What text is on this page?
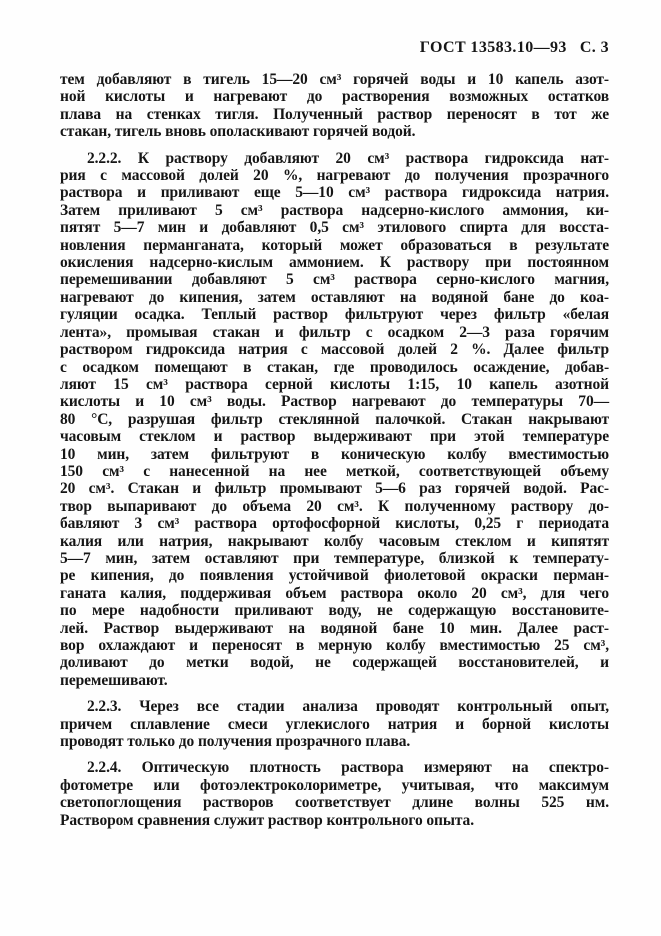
ГОСТ 13583.10—93 С. 3

тем добавляют в тигель 15—20 см³ горячей воды и 10 капель азот-
ной кислоты и нагревают до растворения возможных остатков
плава на стенках тигля. Полученный раствор переносят в тот же
стакан, тигель вновь ополаскивают горячей водой.

2.2.2. К раствору добавляют 20 см³ раствора гидроксида нат-
рия с массовой долей 20 %, нагревают до получения прозрачного
раствора и приливают еще 5—10 см³ раствора гидроксида натрия.
Затем приливают 5 см³ раствора надсерно-кислого аммония, ки-
пятят 5—7 мин и добавляют 0,5 см³ этилового спирта для восста-
новления перманганата, который может образоваться в результате
окисления надсерно-кислым аммонием. К раствору при постоянном
перемешивании добавляют 5 см³ раствора серно-кислого магния,
нагревают до кипения, затем оставляют на водяной бане до коа-
гуляции осадка. Теплый раствор фильтруют через фильтр «белая
лента», промывая стакан и фильтр с осадком 2—3 раза горячим
раствором гидроксида натрия с массовой долей 2 %. Далее фильтр
с осадком помещают в стакан, где проводилось осаждение, добав-
ляют 15 см³ раствора серной кислоты 1:15, 10 капель азотной
кислоты и 10 см³ воды. Раствор нагревают до температуры 70—
80 °С, разрушая фильтр стеклянной палочкой. Стакан накрывают
часовым стеклом и раствор выдерживают при этой температуре
10 мин, затем фильтруют в коническую колбу вместимостью
150 см³ с нанесенной на нее меткой, соответствующей объему
20 см³. Стакан и фильтр промывают 5—6 раз горячей водой. Рас-
твор выпаривают до объема 20 см³. К полученному раствору до-
бавляют 3 см³ раствора ортофосфорной кислоты, 0,25 г периодата
калия или натрия, накрывают колбу часовым стеклом и кипятят
5—7 мин, затем оставляют при температуре, близкой к температу-
ре кипения, до появления устойчивой фиолетовой окраски перман-
ганата калия, поддерживая объем раствора около 20 см³, для чего
по мере надобности приливают воду, не содержащую восстановите-
лей. Раствор выдерживают на водяной бане 10 мин. Далее раст-
вор охлаждают и переносят в мерную колбу вместимостью 25 см³,
доливают до метки водой, не содержащей восстановителей, и
перемешивают.

2.2.3. Через все стадии анализа проводят контрольный опыт,
причем сплавление смеси углекислого натрия и борной кислоты
проводят только до получения прозрачного плава.

2.2.4. Оптическую плотность раствора измеряют на спектро-
фотометре или фотоэлектроколориметре, учитывая, что максимум
светопоглощения растворов соответствует длине волны 525 нм.
Раствором сравнения служит раствор контрольного опыта.
